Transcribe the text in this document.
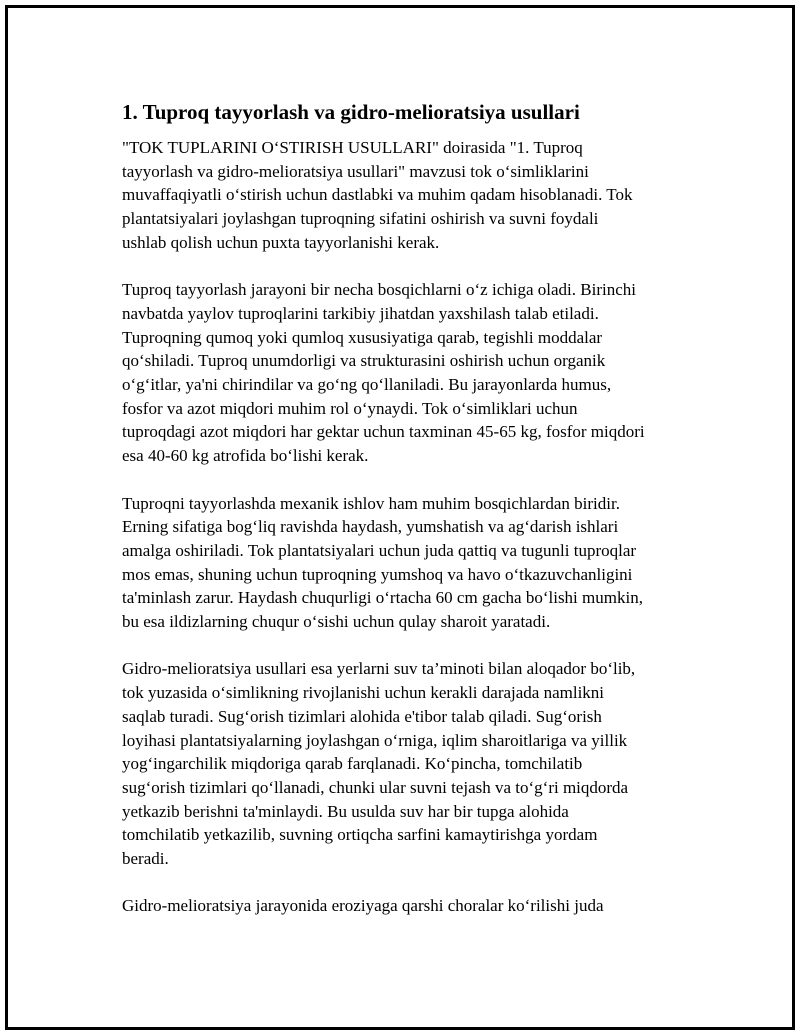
1. Tuproq tayyorlash va gidro-melioratsiya usullari

"TOK TUPLARINI O‘STIRISH USULLARI" doirasida "1. Tuproq
tayyorlash va gidro-melioratsiya usullari" mavzusi tok o‘simliklarini
muvaffaqiyatli o‘stirish uchun dastlabki va muhim qadam hisoblanadi. Tok
plantatsiyalari joylashgan tuproqning sifatini oshirish va suvni foydali
ushlab qolish uchun puxta tayyorlanishi kerak.

Tuproq tayyorlash jarayoni bir necha bosqichlarni o‘z ichiga oladi. Birinchi
navbatda yaylov tuproqlarini tarkibiy jihatdan yaxshilash talab etiladi.
Tuproqning qumoq yoki qumloq xususiyatiga qarab, tegishli moddalar
qo‘shiladi. Tuproq unumdorligi va strukturasini oshirish uchun organik
o‘g‘itlar, ya'ni chirindilar va go‘ng qo‘llaniladi. Bu jarayonlarda humus,
fosfor va azot miqdori muhim rol o‘ynaydi. Tok o‘simliklari uchun
tuproqdagi azot miqdori har gektar uchun taxminan 45-65 kg, fosfor miqdori
esa 40-60 kg atrofida bo‘lishi kerak.

Tuproqni tayyorlashda mexanik ishlov ham muhim bosqichlardan biridir.
Erning sifatiga bog‘liq ravishda haydash, yumshatish va ag‘darish ishlari
amalga oshiriladi. Tok plantatsiyalari uchun juda qattiq va tugunli tuproqlar
mos emas, shuning uchun tuproqning yumshoq va havo o‘tkazuvchanligini
ta'minlash zarur. Haydash chuqurligi o‘rtacha 60 cm gacha bo‘lishi mumkin,
bu esa ildizlarning chuqur o‘sishi uchun qulay sharoit yaratadi.

Gidro-melioratsiya usullari esa yerlarni suv ta’minoti bilan aloqador bo‘lib,
tok yuzasida o‘simlikning rivojlanishi uchun kerakli darajada namlikni
saqlab turadi. Sug‘orish tizimlari alohida e'tibor talab qiladi. Sug‘orish
loyihasi plantatsiyalarning joylashgan o‘rniga, iqlim sharoitlariga va yillik
yog‘ingarchilik miqdoriga qarab farqlanadi. Ko‘pincha, tomchilatib
sug‘orish tizimlari qo‘llanadi, chunki ular suvni tejash va to‘g‘ri miqdorda
yetkazib berishni ta'minlaydi. Bu usulda suv har bir tupga alohida
tomchilatib yetkazilib, suvning ortiqcha sarfini kamaytirishga yordam
beradi.

Gidro-melioratsiya jarayonida eroziyaga qarshi choralar ko‘rilishi juda
